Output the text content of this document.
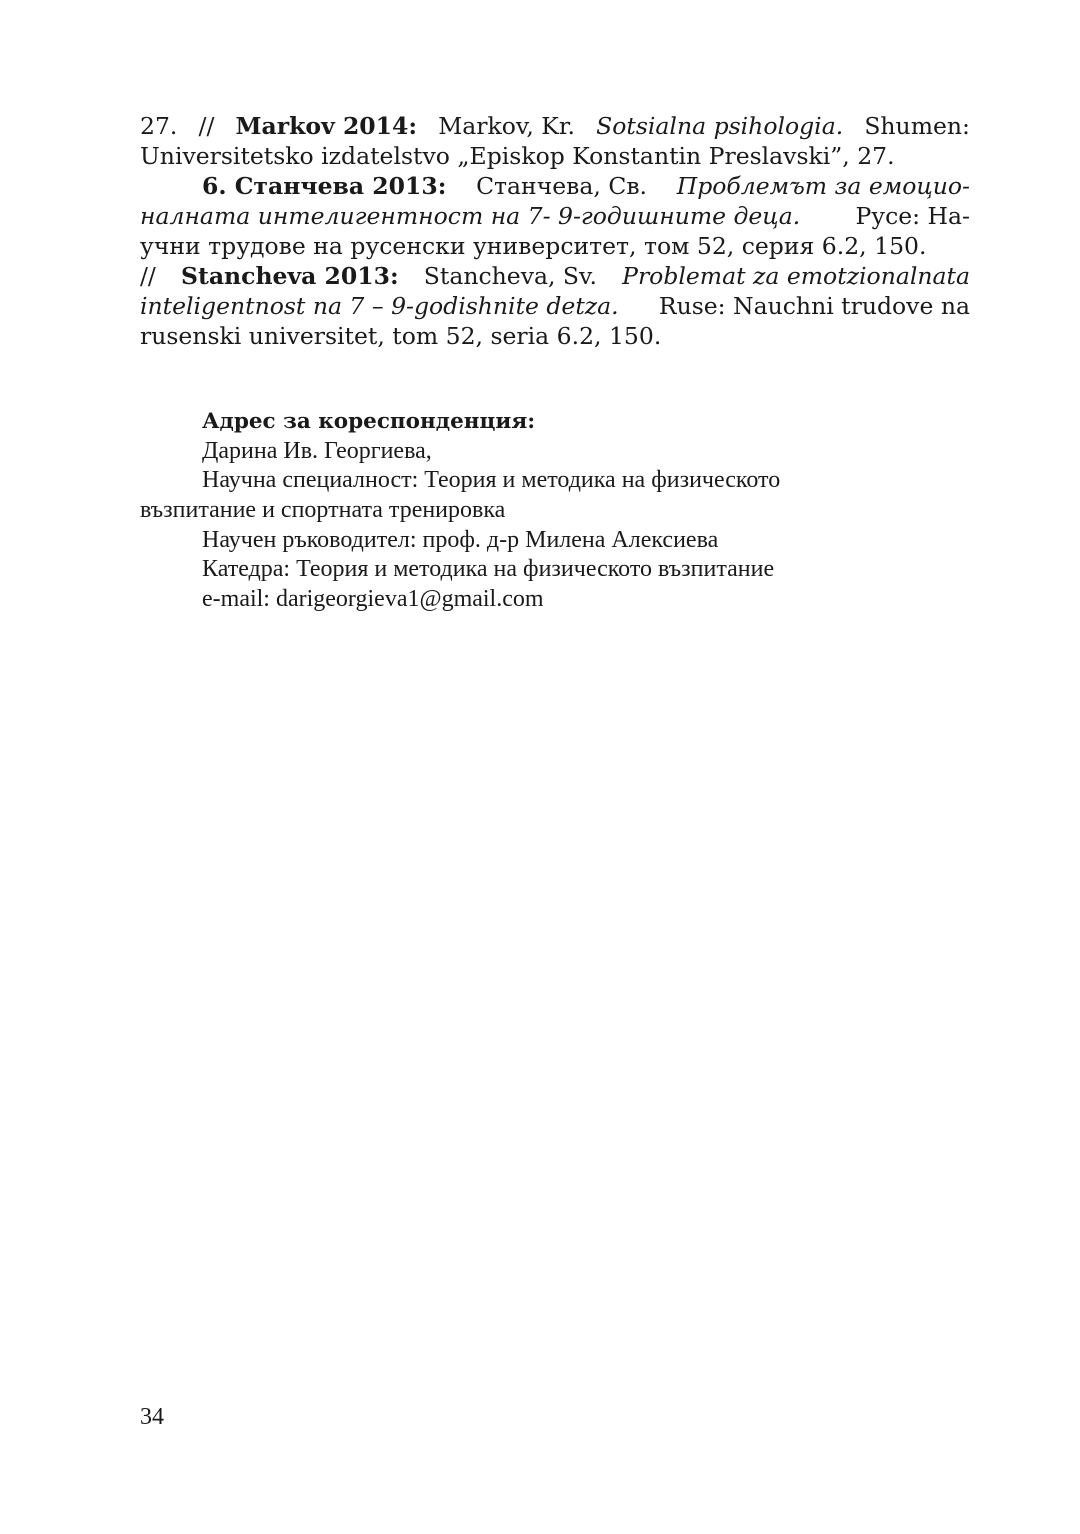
27. // Markov 2014: Markov, Kr. Sotsialna psihologia. Shumen:
Universitetsko izdatelstvo „Episkop Konstantin Preslavski”, 27.
6. Станчева 2013: Станчева, Св. Проблемът за емоцио-
налната интелигентност на 7- 9-годишните деца. Русе: На-
учни трудове на русенски университет, том 52, серия 6.2, 150.
// Stancheva 2013: Stancheva, Sv. Problemat za emotzionalnata
inteligentnost na 7 – 9-godishnite detza. Ruse: Nauchni trudove na
rusenski universitet, tom 52, seria 6.2, 150.
Адрес за кореспонденция:
Дарина Ив. Георгиева,
Научна специалност: Теория и методика на физическото
възпитание и спортната тренировка
Научен ръководител: проф. д-р Милена Алексиева
Катедра: Теория и методика на физическото възпитание
e-mail: darigeorgieva1@gmail.com
34
